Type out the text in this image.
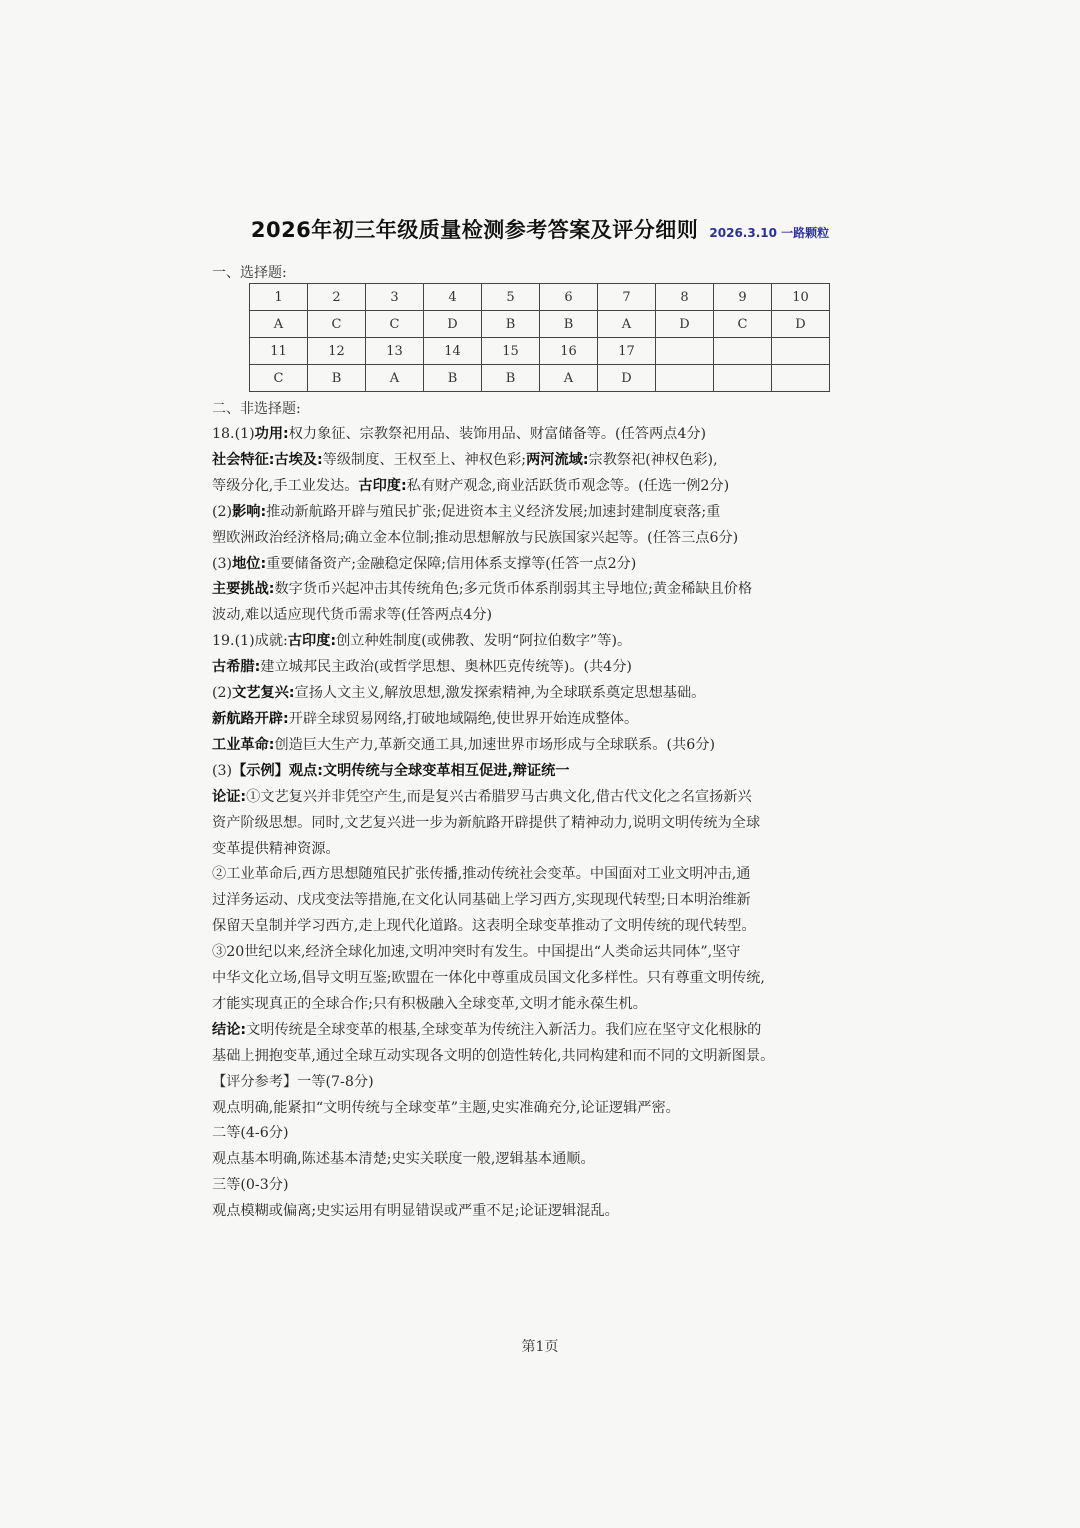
2026年初三年级质量检测参考答案及评分细则 2026.3.10 一路颗粒
一、选择题:
1	2	3	4	5	6	7	8	9	10
A	C	C	D	B	B	A	D	C	D
11	12	13	14	15	16	17			
C	B	A	B	B	A	D			
二、非选择题:

18.(1)功用:权力象征、宗教祭祀用品、装饰用品、财富储备等。(任答两点4分)

社会特征:古埃及:等级制度、王权至上、神权色彩;两河流域:宗教祭祀(神权色彩),

等级分化,手工业发达。古印度:私有财产观念,商业活跃货币观念等。(任选一例2分)

(2)影响:推动新航路开辟与殖民扩张;促进资本主义经济发展;加速封建制度衰落;重

塑欧洲政治经济格局;确立金本位制;推动思想解放与民族国家兴起等。(任答三点6分)

(3)地位:重要储备资产;金融稳定保障;信用体系支撑等(任答一点2分)

主要挑战:数字货币兴起冲击其传统角色;多元货币体系削弱其主导地位;黄金稀缺且价格

波动,难以适应现代货币需求等(任答两点4分)

19.(1)成就:古印度:创立种姓制度(或佛教、发明“阿拉伯数字”等)。

古希腊:建立城邦民主政治(或哲学思想、奥林匹克传统等)。(共4分)

(2)文艺复兴:宣扬人文主义,解放思想,激发探索精神,为全球联系奠定思想基础。

新航路开辟:开辟全球贸易网络,打破地域隔绝,使世界开始连成整体。

工业革命:创造巨大生产力,革新交通工具,加速世界市场形成与全球联系。(共6分)

(3)【示例】观点:文明传统与全球变革相互促进,辩证统一

论证:①文艺复兴并非凭空产生,而是复兴古希腊罗马古典文化,借古代文化之名宣扬新兴

资产阶级思想。同时,文艺复兴进一步为新航路开辟提供了精神动力,说明文明传统为全球

变革提供精神资源。

②工业革命后,西方思想随殖民扩张传播,推动传统社会变革。中国面对工业文明冲击,通

过洋务运动、戊戌变法等措施,在文化认同基础上学习西方,实现现代转型;日本明治维新

保留天皇制并学习西方,走上现代化道路。这表明全球变革推动了文明传统的现代转型。

③20世纪以来,经济全球化加速,文明冲突时有发生。中国提出“人类命运共同体”,坚守

中华文化立场,倡导文明互鉴;欧盟在一体化中尊重成员国文化多样性。只有尊重文明传统,

才能实现真正的全球合作;只有积极融入全球变革,文明才能永葆生机。

结论:文明传统是全球变革的根基,全球变革为传统注入新活力。我们应在坚守文化根脉的

基础上拥抱变革,通过全球互动实现各文明的创造性转化,共同构建和而不同的文明新图景。

【评分参考】一等(7-8分)

观点明确,能紧扣“文明传统与全球变革”主题,史实准确充分,论证逻辑严密。

二等(4-6分)

观点基本明确,陈述基本清楚;史实关联度一般,逻辑基本通顺。

三等(0-3分)

观点模糊或偏离;史实运用有明显错误或严重不足;论证逻辑混乱。

第1页
